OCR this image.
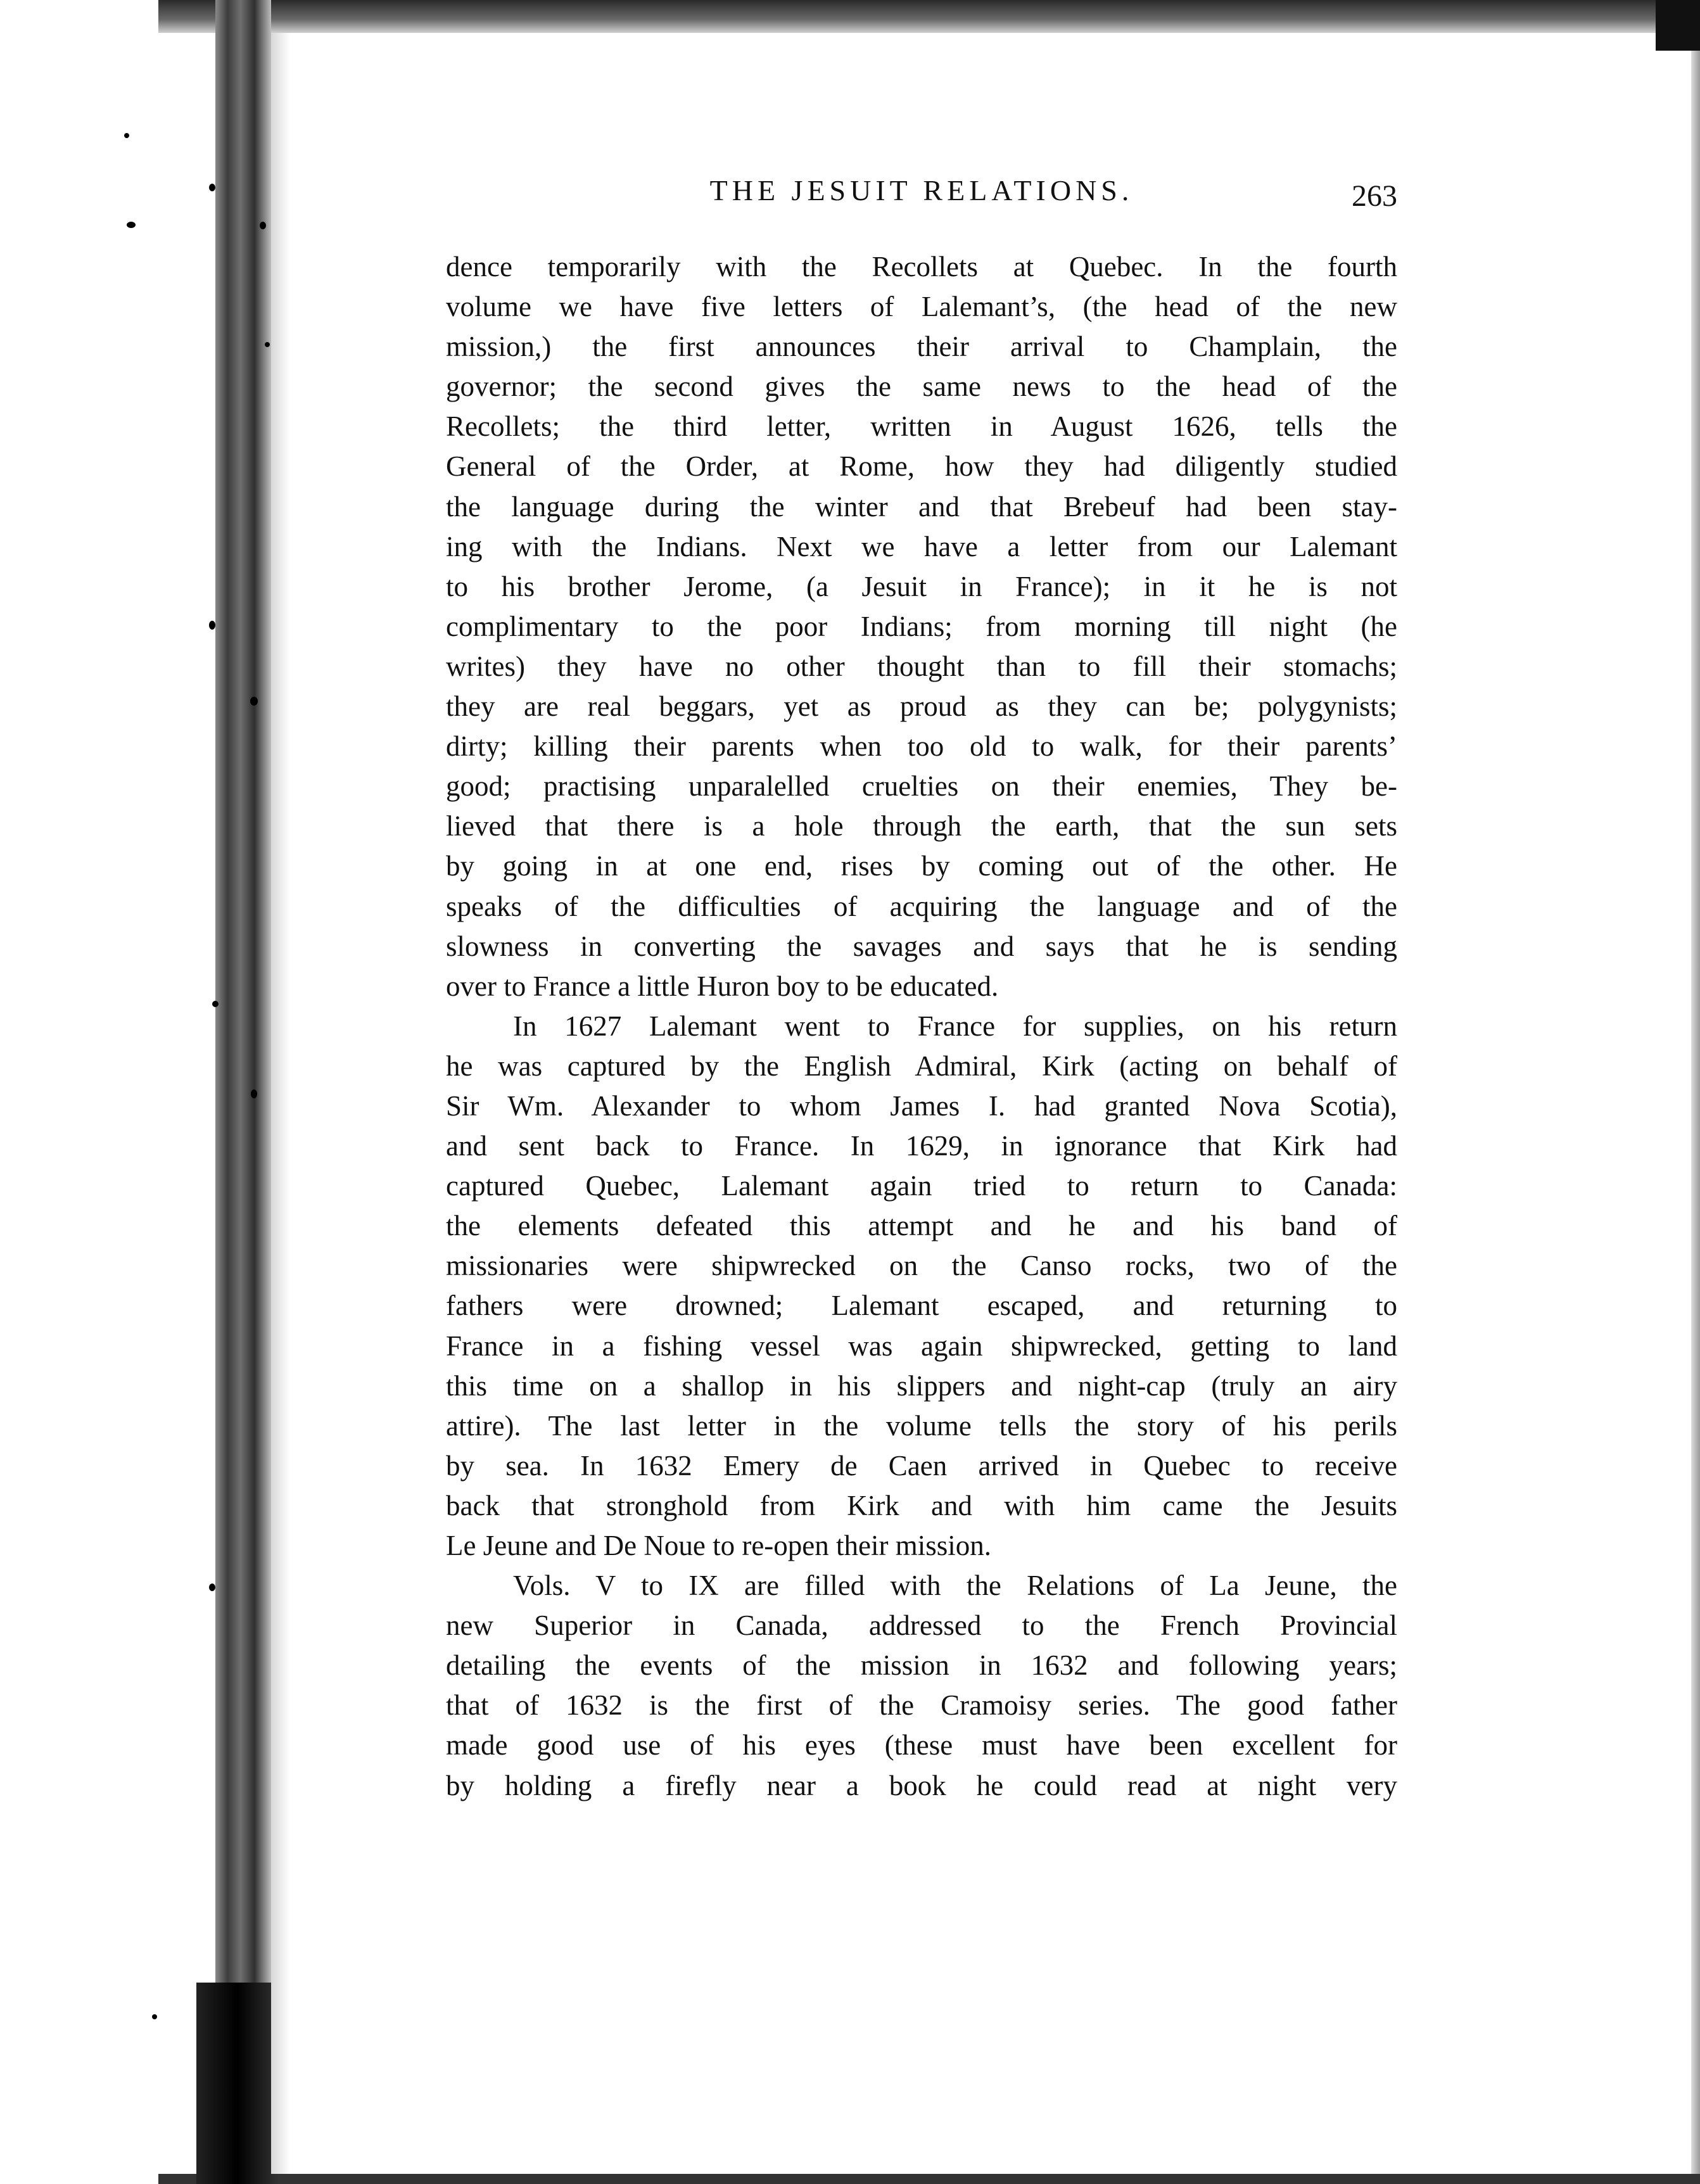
THE JESUIT RELATIONS.	263
dence temporarily with the Recollets at Quebec. In the fourth
volume we have five letters of Lalemant’s, (the head of the new
mission,) the first announces their arrival to Champlain, the
governor; the second gives the same news to the head of the
Recollets; the third letter, written in August 1626, tells the
General of the Order, at Rome, how they had diligently studied
the language during the winter and that Brebeuf had been stay-
ing with the Indians. Next we have a letter from our Lalemant
to his brother Jerome, (a Jesuit in France); in it he is not
complimentary to the poor Indians; from morning till night (he
writes) they have no other thought than to fill their stomachs;
they are real beggars, yet as proud as they can be; polygynists;
dirty; killing their parents when too old to walk, for their parents’
good; practising unparalelled cruelties on their enemies, They be-
lieved that there is a hole through the earth, that the sun sets
by going in at one end, rises by coming out of the other. He
speaks of the difficulties of acquiring the language and of the
slowness in converting the savages and says that he is sending
over to France a little Huron boy to be educated.
In 1627 Lalemant went to France for supplies, on his return
he was captured by the English Admiral, Kirk (acting on behalf of
Sir Wm. Alexander to whom James I. had granted Nova Scotia),
and sent back to France. In 1629, in ignorance that Kirk had
captured Quebec, Lalemant again tried to return to Canada:
the elements defeated this attempt and he and his band of
missionaries were shipwrecked on the Canso rocks, two of the
fathers were drowned; Lalemant escaped, and returning to
France in a fishing vessel was again shipwrecked, getting to land
this time on a shallop in his slippers and night-cap (truly an airy
attire). The last letter in the volume tells the story of his perils
by sea. In 1632 Emery de Caen arrived in Quebec to receive
back that stronghold from Kirk and with him came the Jesuits
Le Jeune and De Noue to re-open their mission.
Vols. V to IX are filled with the Relations of La Jeune, the
new Superior in Canada, addressed to the French Provincial
detailing the events of the mission in 1632 and following years;
that of 1632 is the first of the Cramoisy series. The good father
made good use of his eyes (these must have been excellent for
by holding a firefly near a book he could read at night very
